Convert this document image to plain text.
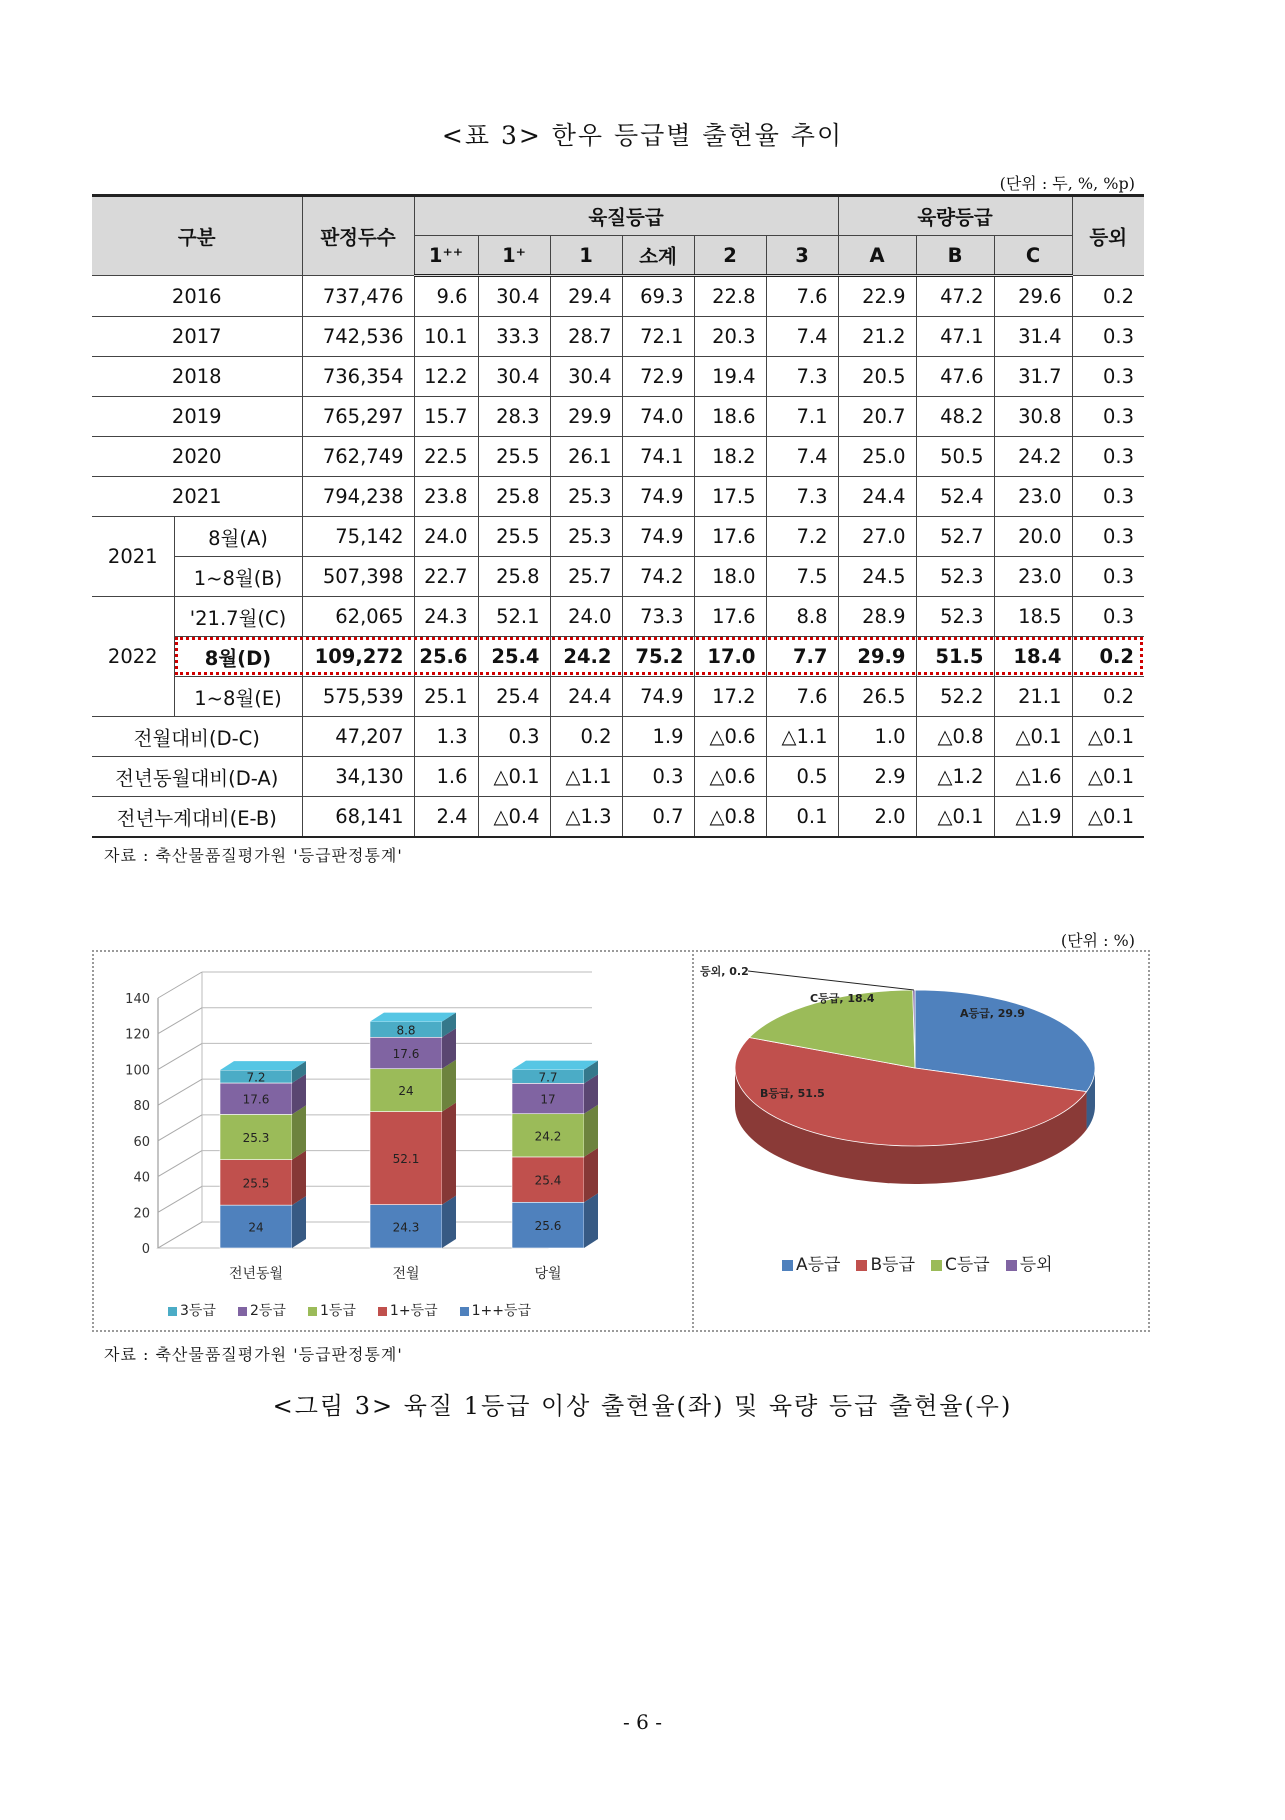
<표 3> 한우 등급별 출현율 추이
(단위 : 두, %, %p)
구분		판정두수	육질등급						육량등급			등외
			1⁺⁺	1⁺	1	소계	2	3	A	B	C	
2016		737,476	9.6	30.4	29.4	69.3	22.8	7.6	22.9	47.2	29.6	0.2
2017		742,536	10.1	33.3	28.7	72.1	20.3	7.4	21.2	47.1	31.4	0.3
2018		736,354	12.2	30.4	30.4	72.9	19.4	7.3	20.5	47.6	31.7	0.3
2019		765,297	15.7	28.3	29.9	74.0	18.6	7.1	20.7	48.2	30.8	0.3
2020		762,749	22.5	25.5	26.1	74.1	18.2	7.4	25.0	50.5	24.2	0.3
2021		794,238	23.8	25.8	25.3	74.9	17.5	7.3	24.4	52.4	23.0	0.3
2021	8월(A)	75,142	24.0	25.5	25.3	74.9	17.6	7.2	27.0	52.7	20.0	0.3
	1~8월(B)	507,398	22.7	25.8	25.7	74.2	18.0	7.5	24.5	52.3	23.0	0.3
2022	'21.7월(C)	62,065	24.3	52.1	24.0	73.3	17.6	8.8	28.9	52.3	18.5	0.3
	8월(D)	109,272	25.6	25.4	24.2	75.2	17.0	7.7	29.9	51.5	18.4	0.2
	1~8월(E)	575,539	25.1	25.4	24.4	74.9	17.2	7.6	26.5	52.2	21.1	0.2
전월대비(D-C)		47,207	1.3	0.3	0.2	1.9	△0.6	△1.1	1.0	△0.8	△0.1	△0.1
전년동월대비(D-A)		34,130	1.6	△0.1	△1.1	0.3	△0.6	0.5	2.9	△1.2	△1.6	△0.1
전년누계대비(E-B)		68,141	2.4	△0.4	△1.3	0.7	△0.8	0.1	2.0	△0.1	△1.9	△0.1
자료 : 축산물품질평가원 '등급판정통계'
(단위 : %)
0
20
40
60
80
100
120
140
24
25.5
25.3
17.6
7.2
전년동월
24.3
52.1
24
17.6
8.8
전월
25.6
25.4
24.2
17
7.7
당월
3등급	2등급	1등급	1+등급	1++등급
A등급, 29.9
B등급, 51.5
C등급, 18.4
등외, 0.2
A등급	B등급	C등급	등외
자료 : 축산물품질평가원 '등급판정통계'
<그림 3> 육질 1등급 이상 출현율(좌) 및 육량 등급 출현율(우)
- 6 -
